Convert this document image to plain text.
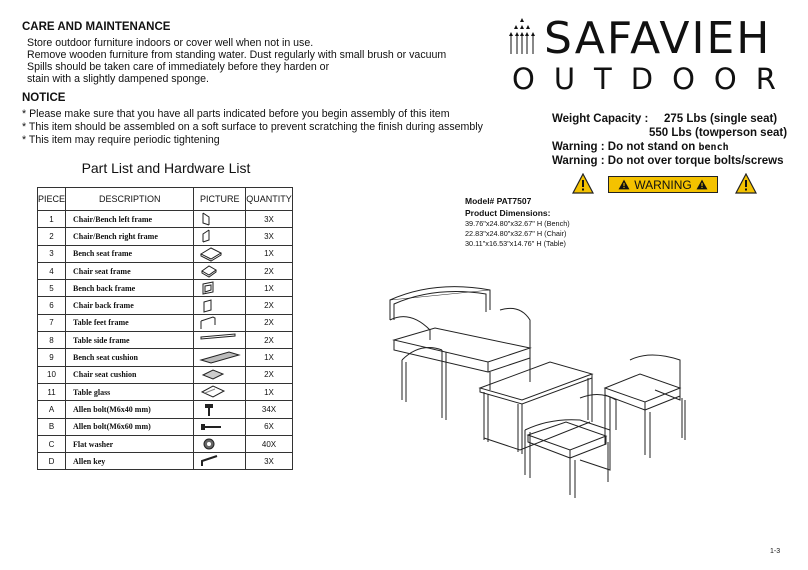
CARE AND MAINTENANCE
Store outdoor furniture indoors or cover well when not in use.
Remove wooden furniture from standing water. Dust regularly with small brush or vacuum
Spills should be taken care of immediately before they harden or
stain with a slightly dampened sponge.
NOTICE
* Please make sure that you have all parts indicated before you begin assembly of this item
* This item should be assembled on a soft surface to prevent scratching the finish during assembly
* This item may require periodic tightening
SAFAVIEH
OUTDOOR
Weight Capacity : 275 Lbs (single seat)
550 Lbs (towperson seat)
Warning : Do not stand on bench
Warning : Do not over torque bolts/screws
WARNING
Part List and Hardware List
PIECE	DESCRIPTION	PICTURE	QUANTITY
1	Chair/Bench left frame		3X
2	Chair/Bench right frame		3X
3	Bench seat frame		1X
4	Chair seat frame		2X
5	Bench back frame		1X
6	Chair back frame		2X
7	Table feet frame		2X
8	Table side frame		2X
9	Bench seat cushion		1X
10	Chair seat cushion		2X
11	Table glass		1X
A	Allen bolt(M6x40 mm)		34X
B	Allen bolt(M6x60 mm)		6X
C	Flat washer		40X
D	Allen key		3X
Model# PAT7507
Product Dimensions:
39.76"x24.80"x32.67" H (Bench)
22.83"x24.80"x32.67" H (Chair)
30.11"x16.53"x14.76" H (Table)
1-3
